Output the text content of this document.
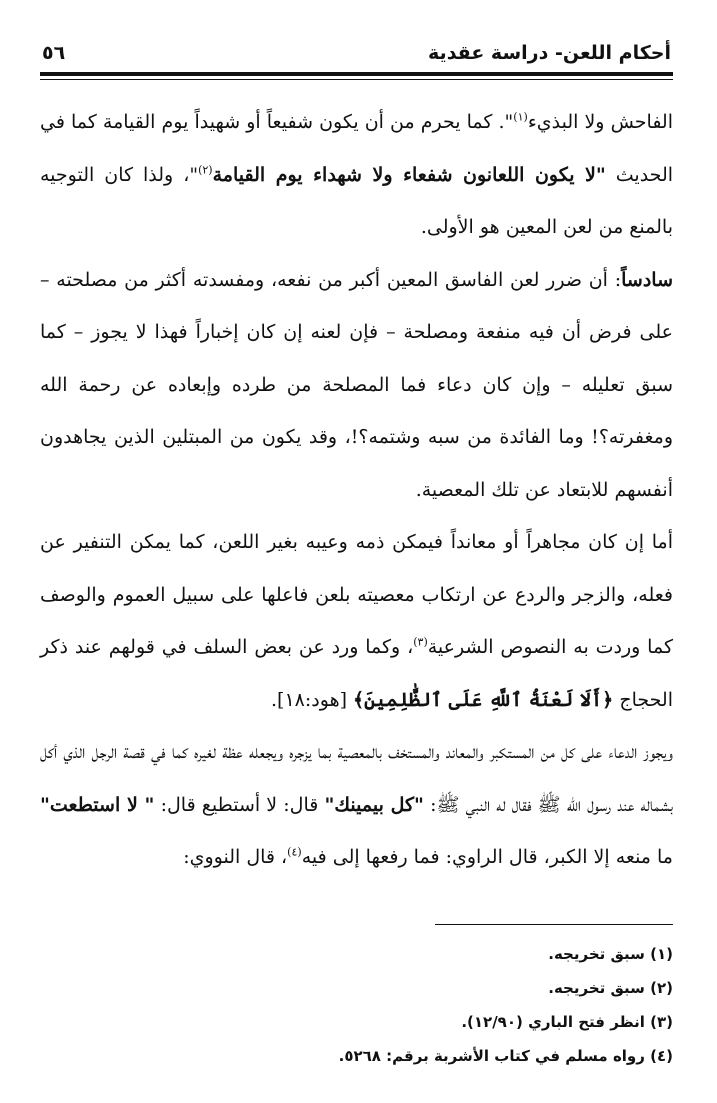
أحكام اللعن- دراسة عقدية
٥٦

الفاحش ولا البذيء$^{(١)}$". كما يحرم من أن يكون شفيعاً أو شهيداً يوم القيامة كما في الحديث "لا يكون اللعانون شفعاء ولا شهداء يوم القيامة$^{(٢)}$"، ولذا كان التوجيه بالمنع من لعن المعين هو الأولى.

سادساً: أن ضرر لعن الفاسق المعين أكبر من نفعه، ومفسدته أكثر من مصلحته – على فرض أن فيه منفعة ومصلحة – فإن لعنه إن كان إخباراً فهذا لا يجوز – كما سبق تعليله – وإن كان دعاء فما المصلحة من طرده وإبعاده عن رحمة الله ومغفرته؟! وما الفائدة من سبه وشتمه؟!، وقد يكون من المبتلين الذين يجاهدون أنفسهم للابتعاد عن تلك المعصية.

أما إن كان مجاهراً أو معانداً فيمكن ذمه وعيبه بغير اللعن، كما يمكن التنفير عن فعله، والزجر والردع عن ارتكاب معصيته بلعن فاعلها على سبيل العموم والوصف كما وردت به النصوص الشرعية$^{(٣)}$، وكما ورد عن بعض السلف في قولهم عند ذكر الحجاج ﴿أَلَا لَعْنَةُ ٱللَّهِ عَلَى ٱلظَّٰلِمِينَ﴾ [هود:١٨].

ويجوز الدعاء على كل من المستكبر والمعاند والمستخف بالمعصية بما يزجره ويجعله عظة لغيره كما في قصة الرجل الذي أكل بشماله عند رسول الله ﷺ فقال له النبي ﷺ: "كل بيمينك" قال: لا أستطيع قال: " لا استطعت" ما منعه إلا الكبر، قال الراوي: فما رفعها إلى فيه$^{(٤)}$، قال النووي:

(١) سبق تخريجه.
(٢) سبق تخريجه.
(٣) انظر فتح الباري (١٢/٩٠).
(٤) رواه مسلم في كتاب الأشربة برقم: ٥٢٦٨.
